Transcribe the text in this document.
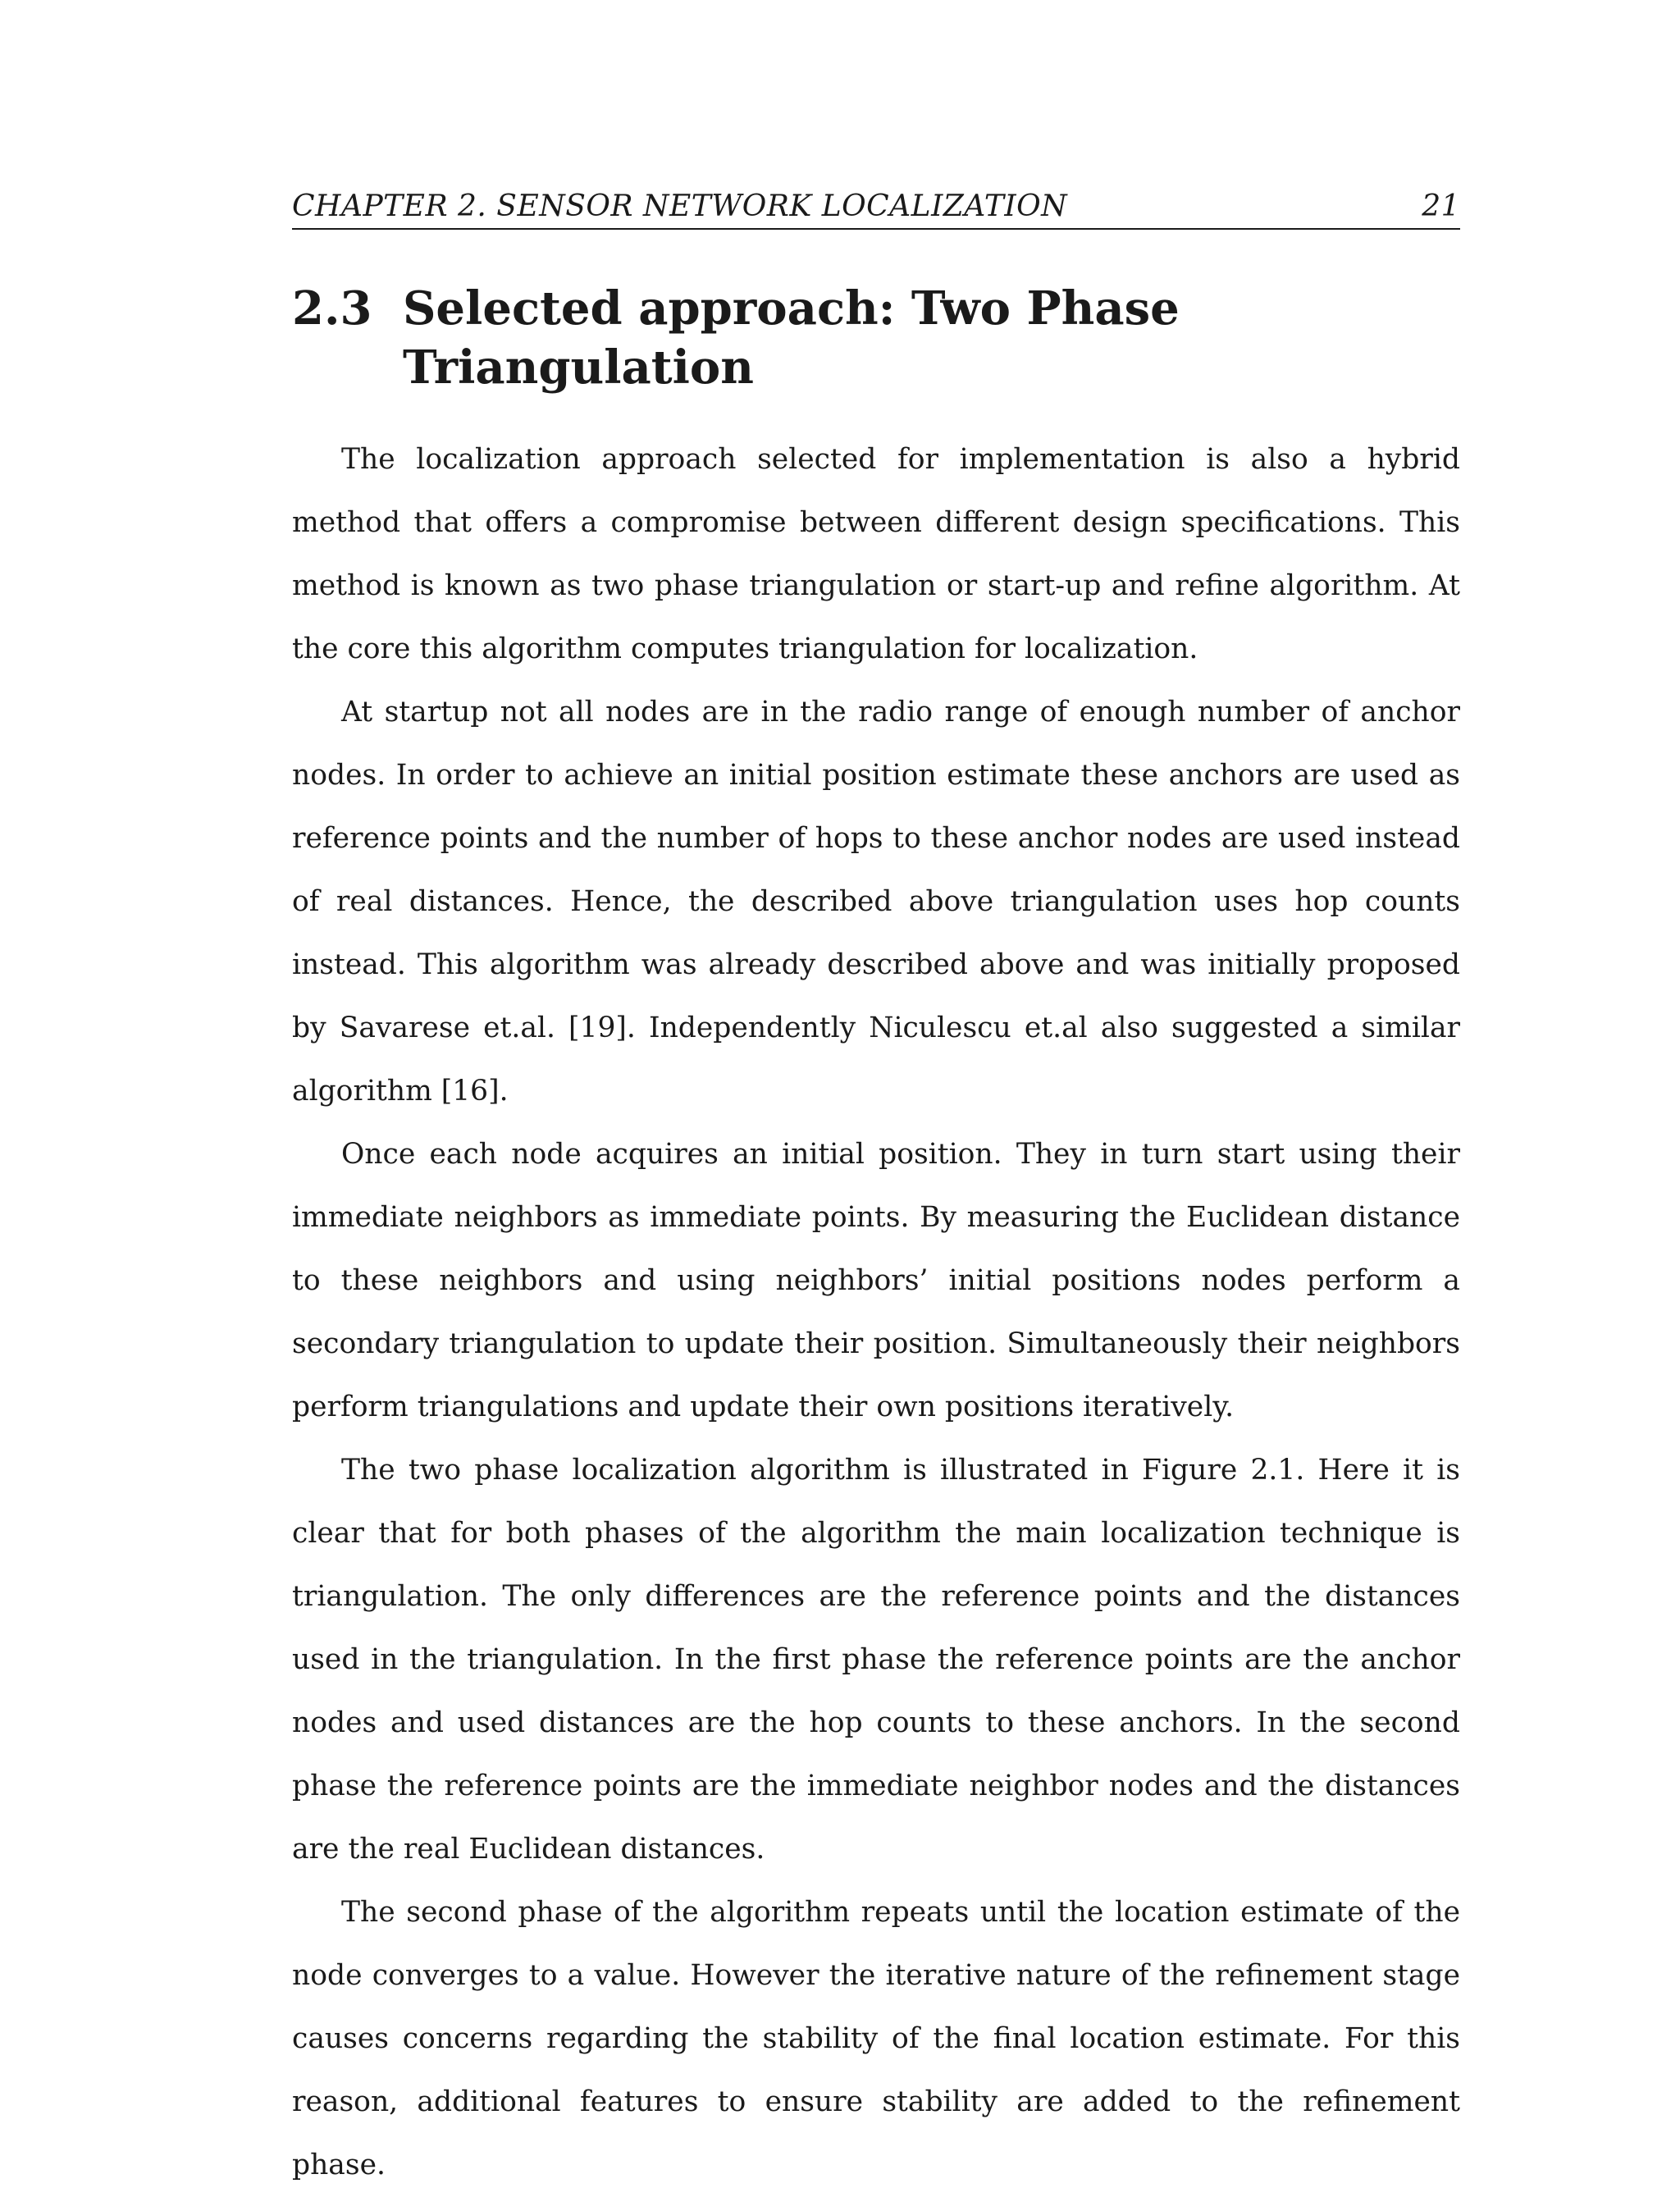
CHAPTER 2. SENSOR NETWORK LOCALIZATION	21
2.3 Selected approach: Two Phase Triangulation

The localization approach selected for implementation is also a hybrid method that offers a compromise between different design specifications. This method is known as two phase triangulation or start-up and refine algorithm. At the core this algorithm computes triangulation for localization.

At startup not all nodes are in the radio range of enough number of anchor nodes. In order to achieve an initial position estimate these anchors are used as reference points and the number of hops to these anchor nodes are used instead of real distances. Hence, the described above triangulation uses hop counts instead. This algorithm was already described above and was initially proposed by Savarese et.al. [19]. Independently Niculescu et.al also suggested a similar algorithm [16].

Once each node acquires an initial position. They in turn start using their immediate neighbors as immediate points. By measuring the Euclidean distance to these neighbors and using neighbors’ initial positions nodes perform a secondary triangulation to update their position. Simultaneously their neighbors perform triangulations and update their own positions iteratively.

The two phase localization algorithm is illustrated in Figure 2.1. Here it is clear that for both phases of the algorithm the main localization technique is triangulation. The only differences are the reference points and the distances used in the triangulation. In the first phase the reference points are the anchor nodes and used distances are the hop counts to these anchors. In the second phase the reference points are the immediate neighbor nodes and the distances are the real Euclidean distances.

The second phase of the algorithm repeats until the location estimate of the node converges to a value. However the iterative nature of the refinement stage causes concerns regarding the stability of the final location estimate. For this reason, additional features to ensure stability are added to the refinement phase.
